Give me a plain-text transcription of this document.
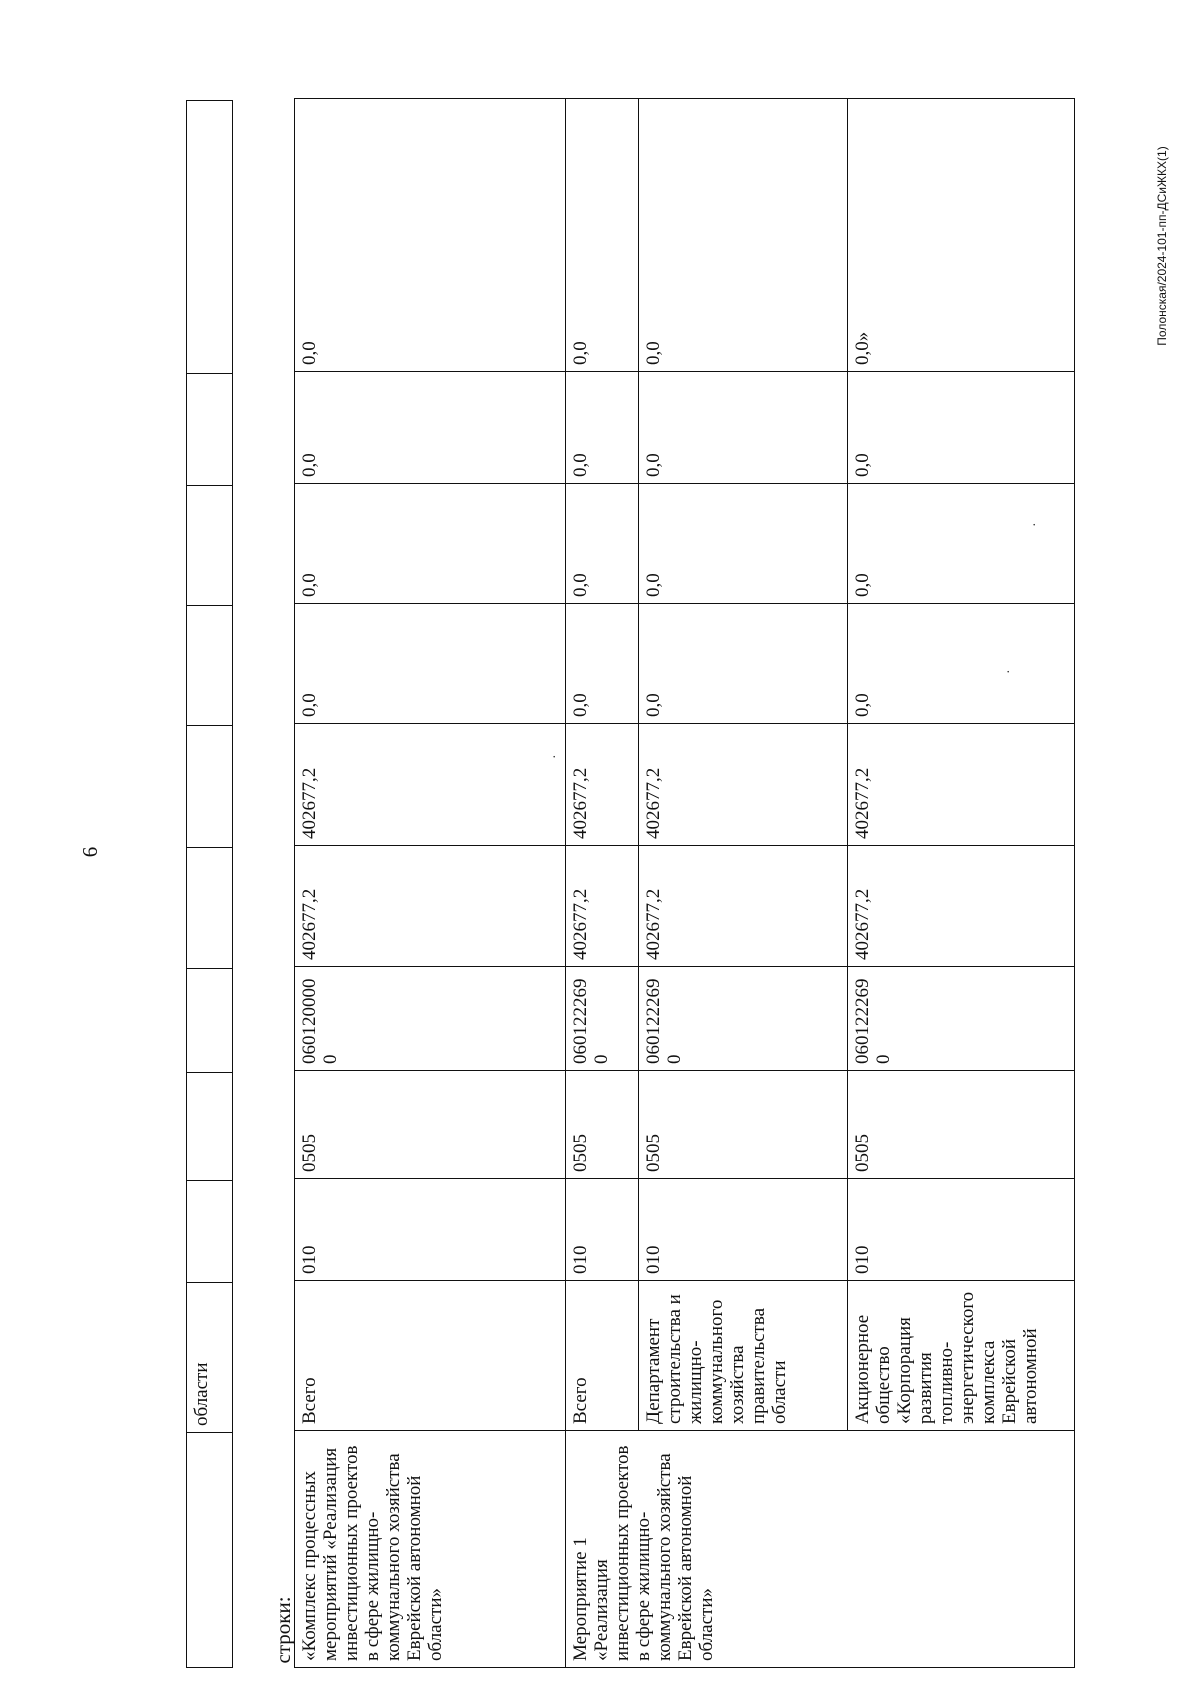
6
	области									
строки:										
«Комплекс процессных мероприятий «Реализация инвестиционных проектов в сфере жилищно-коммунального хозяйства Еврейской автономной области»	Всего	010	0505	0601200000	402677,2	402677,2	0,0	0,0	0,0	0,0
Мероприятие 1 «Реализация инвестиционных проектов в сфере жилищно-коммунального хозяйства Еврейской автономной области»	Всего	010	0505	0601222690	402677,2	402677,2	0,0	0,0	0,0	0,0
	Департамент строительства и жилищно-коммунального хозяйства правительства области	010	0505	0601222690	402677,2	402677,2	0,0	0,0	0,0	0,0
	Акционерное общество «Корпорация развития топливно-энергетического комплекса Еврейской автономной	010	0505	0601222690	402677,2	402677,2	0,0	0,0	0,0	0,0»
Полонская/2024-101-пп-ДСиЖКХ(1)
·
·
·
